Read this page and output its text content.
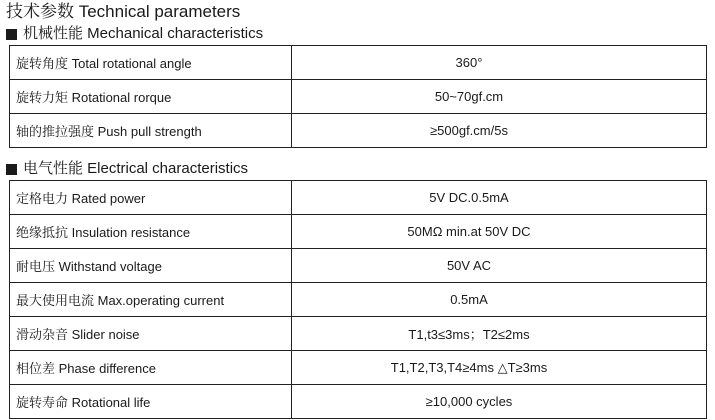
技术参数 Technical parameters
机械性能 Mechanical characteristics
旋转角度 Total rotational angle	360°
旋转力矩 Rotational rorque	50~70gf.cm
轴的推拉强度 Push pull strength	≥500gf.cm/5s
电气性能 Electrical characteristics
定格电力 Rated power	5V DC.0.5mA
绝缘抵抗 Insulation resistance	50MΩ min.at 50V DC
耐电压 Withstand voltage	50V AC
最大使用电流 Max.operating current	0.5mA
滑动杂音 Slider noise	T1,t3≤3ms；T2≤2ms
相位差 Phase difference	T1,T2,T3,T4≥4ms △T≥3ms
旋转寿命 Rotational life	≥10,000 cycles
